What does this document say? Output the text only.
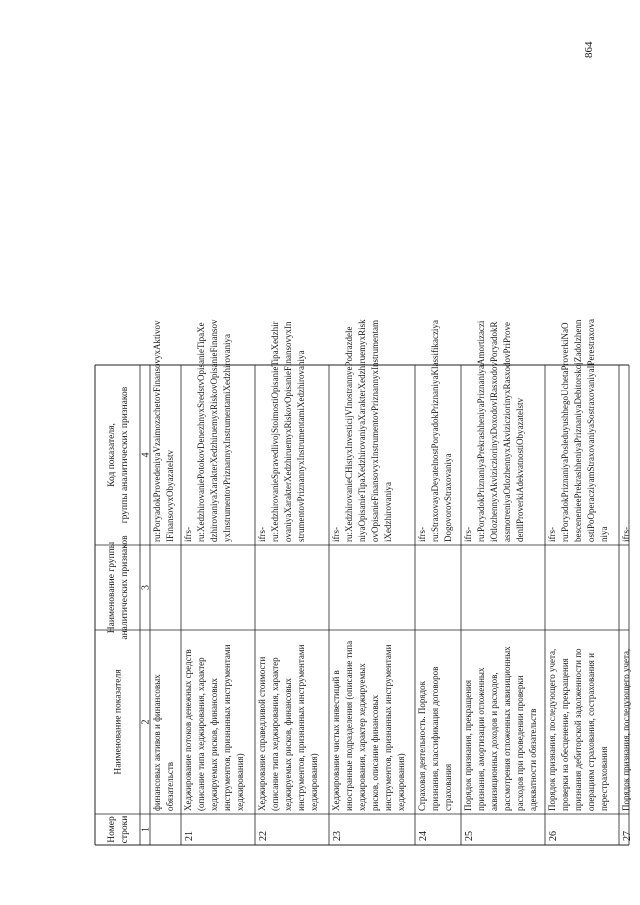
864
Номер строки
Наименование показателя
Наименование группы аналитических признаков
Код показателя, группы аналитических признаков
1
2
3
4
финансовых активов и финансовых обязательств
ru:PoryadokProvedeniyaVzaimozachetovFinansovyxAktivov IFinansovyxObyazatelstv
21
Хеджирование потоков денежных средств (описание типа хеджирования, характер хеджируемых рисков, финансовых инструментов, признанных инструментами хеджирования)
ifrs- ru:XedzhirovaniePotokovDenezhnyxSredstvOpisanieTipaXe dzhirovaniyaXarakterXedzhiruemyxRiskovOpisanieFinansov yxInstrumentovPriznannyxInstrumentamiXedzhirovaniya
22
Хеджирование справедливой стоимости (описание типа хеджирования, характер хеджируемых рисков, финансовых инструментов, признанных инструментами хеджирования)
ifrs- ru:XedzhirovanieSpravedlivojStoimostiOpisanieTipaXedzhir ovaniyaXarakterXedzhiruemyxRiskovOpisanieFinansovyxIn strumentovPriznannyxInstrumentamiXedzhirovaniya
23
Хеджирование чистых инвестиций в иностранные подразделения (описание типа хеджирования, характер хеджируемых рисков, описание финансовых инструментов, признанных инструментами хеджирования)
ifrs- ru:XedzhirovanieCHistyxInvesticijVInostrannyePodrazdele niyaOpisanieTipaXedzhirovaniyaXarakterXedzhiruemyxRisk ovOpisanieFinansovyxInstrumentovPriznannyxInstrumentam iXedzhirovaniya
24
Страховая деятельность. Порядок признания, классификация договоров страхования
ifrs- ru:StraxovayaDeyatelnostPoryadokPriznaniyaKlassifikacziya DogovorovStraxovaniya
25
Порядок признания, прекращения признания, амортизации отложенных аквизиционных доходов и расходов, рассмотрения отложенных аквизиционных расходов при проведении проверки адекватности обязательств
ifrs- ru:PoryadokPriznaniyaPrekrashheniyaPriznaniyaAmortizaczi iOtlozhennyxAkvizicziorinyxDoxodovIRasxodovPoryadokR assmotreniyaOtlozhennyxAkvizicziorinyxRasxodovPriProve denllProverkiAdekvatnostiObyazatelstv
26
Порядок признания, последующего учета, проверки на обесценение, прекращения признания дебиторской задолженности по операциям страхования, сострахования и перестрахования
ifrs- ru:PoryadokPriznaniyaPosleduyushhegoUchetaProverkiNaO bescenenieePrekrashheniyaPriznaniyaDebitorskojZadolzhenn ostiPoOperacziyamStraxovaniyaSostraxovaniyaIPerestraxova niya
27
Порядок признания, последующего учета,
ifrs-
